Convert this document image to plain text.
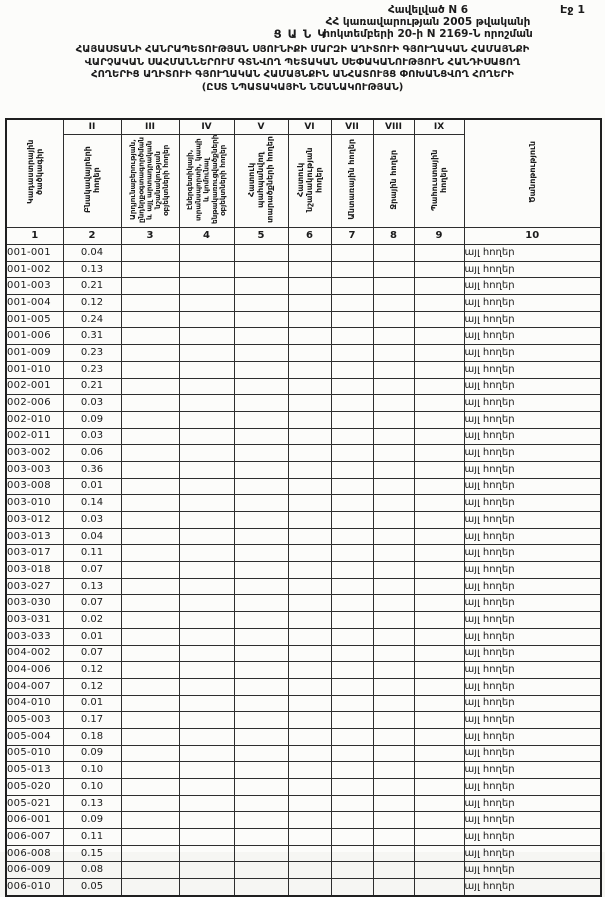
Էջ 1
Հավելված N 6
ՀՀ կառավարության 2005 թվականի
հոկտեմբերի 20-ի N 2169-Ն որոշման
ՑԱՆԿ
ՀԱՅԱՍՏԱՆԻ ՀԱՆՐԱՊԵՏՈՒԹՅԱՆ ՍՅՈՒՆԻՔԻ ՄԱՐԶԻ ԱՂԻՏՈՒԻ ԳՅՈՒՂԱԿԱՆ ՀԱՄԱՅՆՔԻ
ՎԱՐՉԱԿԱՆ ՍԱՀՄԱՆՆԵՐՈՒՄ ԳՏՆՎՈՂ ՊԵՏԱԿԱՆ ՍԵՓԱԿԱՆՈՒԹՅՈՒՆ ՀԱՆԴԻՍԱՑՈՂ
ՀՈՂԵՐԻՑ ԱՂԻՏՈՒԻ ԳՅՈՒՂԱԿԱՆ ՀԱՄԱՅՆՔԻՆ ԱՆՀԱՏՈՒՅՑ ՓՈԽԱՆՑՎՈՂ ՀՈՂԵՐԻ
(ԸՍՏ ՆՊԱՏԱԿԱՅԻՆ ՆՇԱՆԱԿՈՒԹՅԱՆ)
Կադաստրային ծածկագիր	II	III	IV	V	VI	VII	VIII	IX	Ծանոթություն
	Բնակավայրերի հողեր	Արդյունաբերության, ընդերքօգտագործման և այլ արտադրական նշանակության օբյեկտների հողեր	Էներգետիկայի, տրանսպորտի, կապի և կոմունալ ենթակառուցվածքների օբյեկտների հողեր	Հատուկ պահպանվող տարածքների հողեր	Հատուկ նշանակության հողեր	Անտառային հողեր	Ջրային հողեր	Պահուստային հողեր	
1	2	3	4	5	6	7	8	9	10
001-001	0.04								այլ հողեր
001-002	0.13								այլ հողեր
001-003	0.21								այլ հողեր
001-004	0.12								այլ հողեր
001-005	0.24								այլ հողեր
001-006	0.31								այլ հողեր
001-009	0.23								այլ հողեր
001-010	0.23								այլ հողեր
002-001	0.21								այլ հողեր
002-006	0.03								այլ հողեր
002-010	0.09								այլ հողեր
002-011	0.03								այլ հողեր
003-002	0.06								այլ հողեր
003-003	0.36								այլ հողեր
003-008	0.01								այլ հողեր
003-010	0.14								այլ հողեր
003-012	0.03								այլ հողեր
003-013	0.04								այլ հողեր
003-017	0.11								այլ հողեր
003-018	0.07								այլ հողեր
003-027	0.13								այլ հողեր
003-030	0.07								այլ հողեր
003-031	0.02								այլ հողեր
003-033	0.01								այլ հողեր
004-002	0.07								այլ հողեր
004-006	0.12								այլ հողեր
004-007	0.12								այլ հողեր
004-010	0.01								այլ հողեր
005-003	0.17								այլ հողեր
005-004	0.18								այլ հողեր
005-010	0.09								այլ հողեր
005-013	0.10								այլ հողեր
005-020	0.10								այլ հողեր
005-021	0.13								այլ հողեր
006-001	0.09								այլ հողեր
006-007	0.11								այլ հողեր
006-008	0.15								այլ հողեր
006-009	0.08								այլ հողեր
006-010	0.05								այլ հողեր
